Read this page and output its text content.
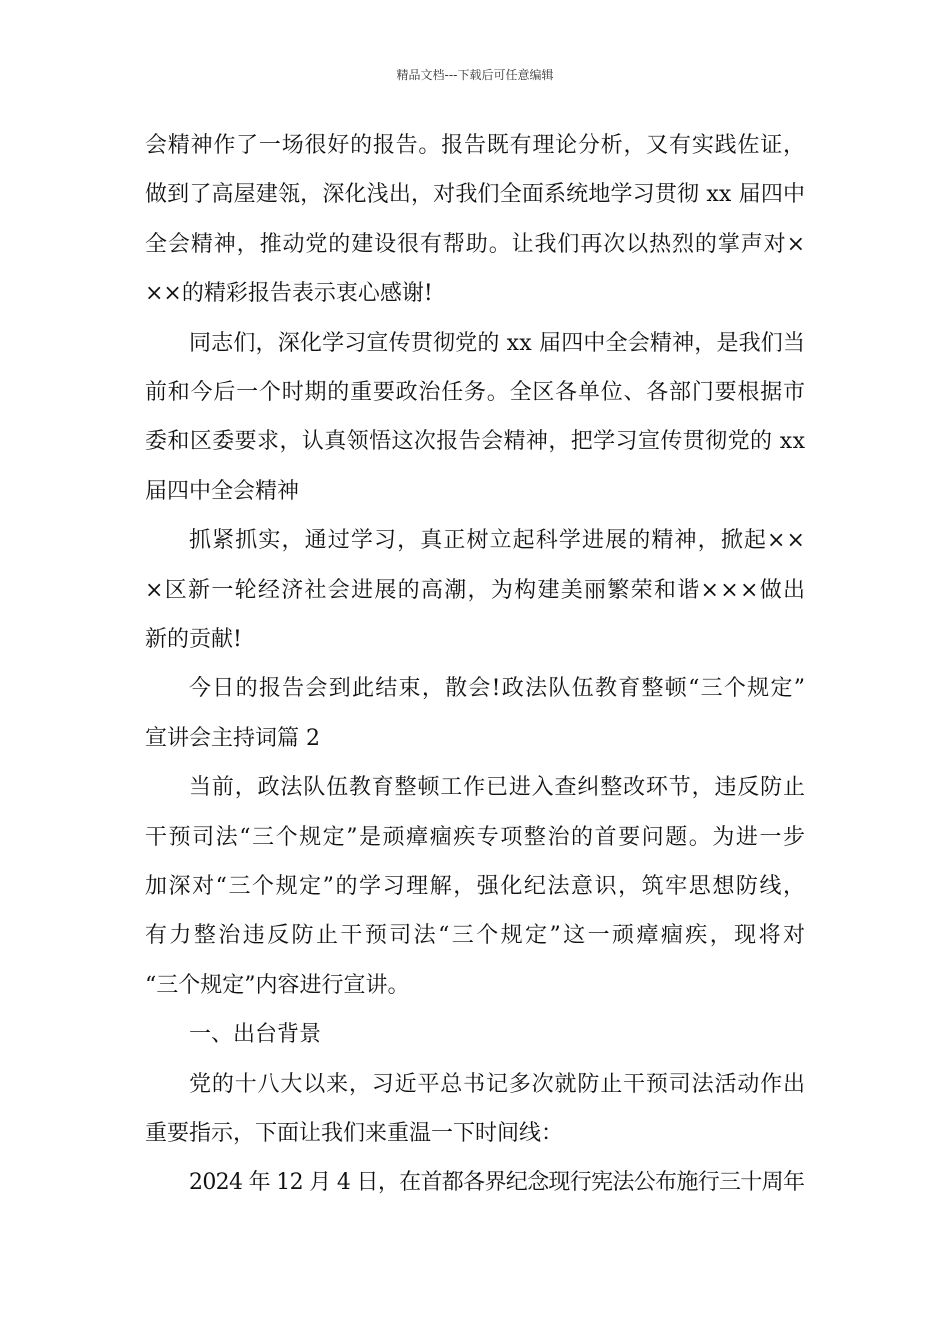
精品文档---下载后可任意编辑
会精神作了一场很好的报告。报告既有理论分析，又有实践佐证，
做到了高屋建瓴，深化浅出，对我们全面系统地学习贯彻 xx 届四中
全会精神，推动党的建设很有帮助。让我们再次以热烈的掌声对×
××的精彩报告表示衷心感谢!
同志们，深化学习宣传贯彻党的 xx 届四中全会精神，是我们当
前和今后一个时期的重要政治任务。全区各单位、各部门要根据市
委和区委要求，认真领悟这次报告会精神，把学习宣传贯彻党的 xx
届四中全会精神
抓紧抓实，通过学习，真正树立起科学进展的精神，掀起××
×区新一轮经济社会进展的高潮，为构建美丽繁荣和谐×××做出
新的贡献!
今日的报告会到此结束，散会!政法队伍教育整顿“三个规定”
宣讲会主持词篇 2
当前，政法队伍教育整顿工作已进入查纠整改环节，违反防止
干预司法“三个规定”是顽瘴痼疾专项整治的首要问题。为进一步
加深对“三个规定”的学习理解，强化纪法意识，筑牢思想防线，
有力整治违反防止干预司法“三个规定”这一顽瘴痼疾，现将对
“三个规定”内容进行宣讲。
一、出台背景
党的十八大以来，习近平总书记多次就防止干预司法活动作出
重要指示，下面让我们来重温一下时间线：
2024 年 12 月 4 日，在首都各界纪念现行宪法公布施行三十周年
